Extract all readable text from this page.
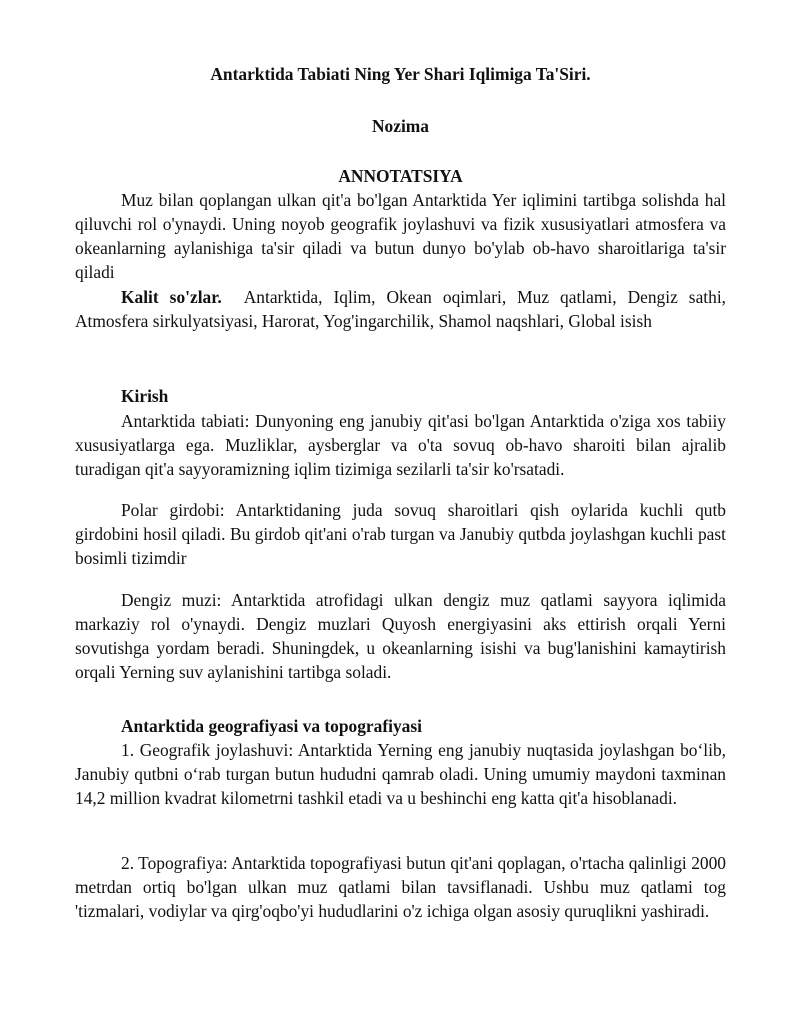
Antarktida Tabiati Ning Yer Shari Iqlimiga Ta'Siri.

Nozima

ANNOTATSIYA

Muz bilan qoplangan ulkan qit'a bo'lgan Antarktida Yer iqlimini tartibga solishda hal qiluvchi rol o'ynaydi. Uning noyob geografik joylashuvi va fizik xususiyatlari atmosfera va okeanlarning aylanishiga ta'sir qiladi va butun dunyo bo'ylab ob-havo sharoitlariga ta'sir qiladi

Kalit so'zlar. Antarktida, Iqlim, Okean oqimlari, Muz qatlami, Dengiz sathi, Atmosfera sirkulyatsiyasi, Harorat, Yog'ingarchilik, Shamol naqshlari, Global isish

Kirish

Antarktida tabiati: Dunyoning eng janubiy qit'asi bo'lgan Antarktida o'ziga xos tabiiy xususiyatlarga ega. Muzliklar, aysberglar va o'ta sovuq ob-havo sharoiti bilan ajralib turadigan qit'a sayyoramizning iqlim tizimiga sezilarli ta'sir ko'rsatadi.

Polar girdobi: Antarktidaning juda sovuq sharoitlari qish oylarida kuchli qutb girdobini hosil qiladi. Bu girdob qit'ani o'rab turgan va Janubiy qutbda joylashgan kuchli past bosimli tizimdir

Dengiz muzi: Antarktida atrofidagi ulkan dengiz muz qatlami sayyora iqlimida markaziy rol o'ynaydi. Dengiz muzlari Quyosh energiyasini aks ettirish orqali Yerni sovutishga yordam beradi. Shuningdek, u okeanlarning isishi va bug'lanishini kamaytirish orqali Yerning suv aylanishini tartibga soladi.

Antarktida geografiyasi va topografiyasi

1. Geografik joylashuvi: Antarktida Yerning eng janubiy nuqtasida joylashgan bo‘lib, Janubiy qutbni o‘rab turgan butun hududni qamrab oladi. Uning umumiy maydoni taxminan 14,2 million kvadrat kilometrni tashkil etadi va u beshinchi eng katta qit'a hisoblanadi.

2. Topografiya: Antarktida topografiyasi butun qit'ani qoplagan, o'rtacha qalinligi 2000 metrdan ortiq bo'lgan ulkan muz qatlami bilan tavsiflanadi. Ushbu muz qatlami tog 'tizmalari, vodiylar va qirg'oqbo'yi hududlarini o'z ichiga olgan asosiy quruqlikni yashiradi.
